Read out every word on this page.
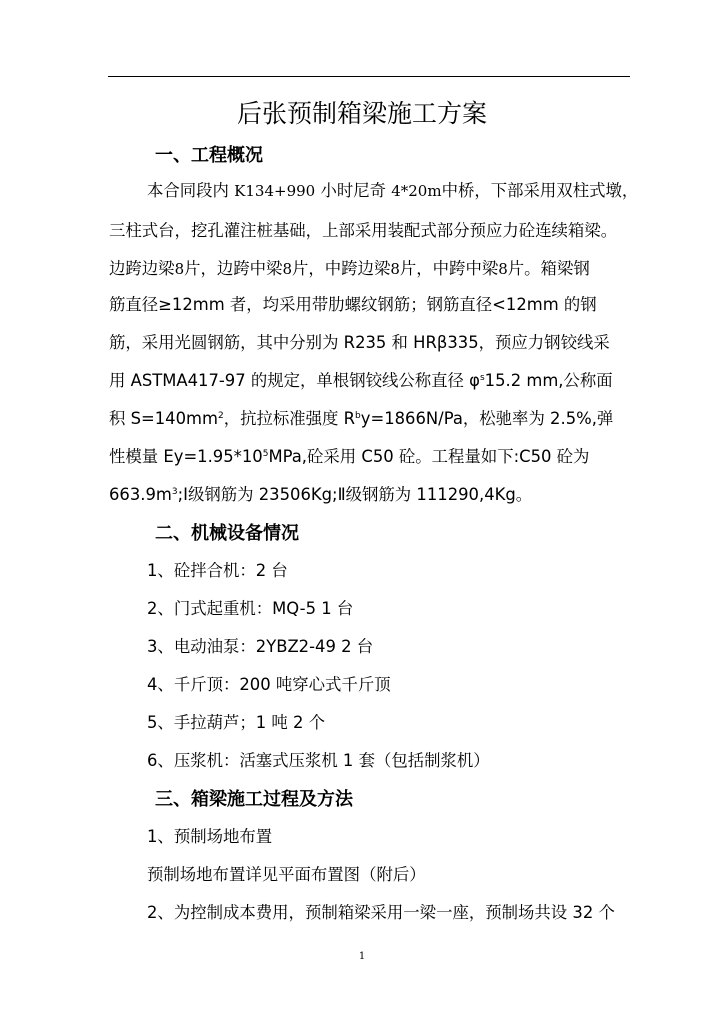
后张预制箱梁施工方案
一、工程概况
本合同段内 K134+990 小时尼奇 4*20m中桥，下部采用双柱式墩，
三柱式台，挖孔灌注桩基础，上部采用装配式部分预应力砼连续箱梁。
边跨边梁8片，边跨中梁8片，中跨边梁8片，中跨中梁8片。箱梁钢
筋直径≥12mm 者，均采用带肋螺纹钢筋；钢筋直径<12mm 的钢
筋，采用光圆钢筋，其中分别为 R235 和 HRβ335，预应力钢铰线采
用 ASTMA417-97 的规定，单根钢铰线公称直径 $\varphi^s15.2$ mm,公称面
积 $S=140mm^2$，抗拉标准强度 $R^by=1866N/Pa$，松驰率为 2.5%,弹
性模量 $Ey=1.95*10^5MPa$,砼采用 C50 砼。工程量如下:C50 砼为
$663.9m^3;Ⅰ$级钢筋为 23506Kg;Ⅱ级钢筋为 111290,4Kg。
二、机械设备情况
1、砼拌合机：2 台
2、门式起重机：MQ-5 1 台
3、电动油泵：2YBZ2-49 2 台
4、千斤顶：200 吨穿心式千斤顶
5、手拉葫芦；1 吨 2 个
6、压浆机：活塞式压浆机 1 套（包括制浆机）
三、箱梁施工过程及方法
1、预制场地布置
预制场地布置详见平面布置图（附后）
2、为控制成本费用，预制箱梁采用一梁一座，预制场共设 32 个
1
